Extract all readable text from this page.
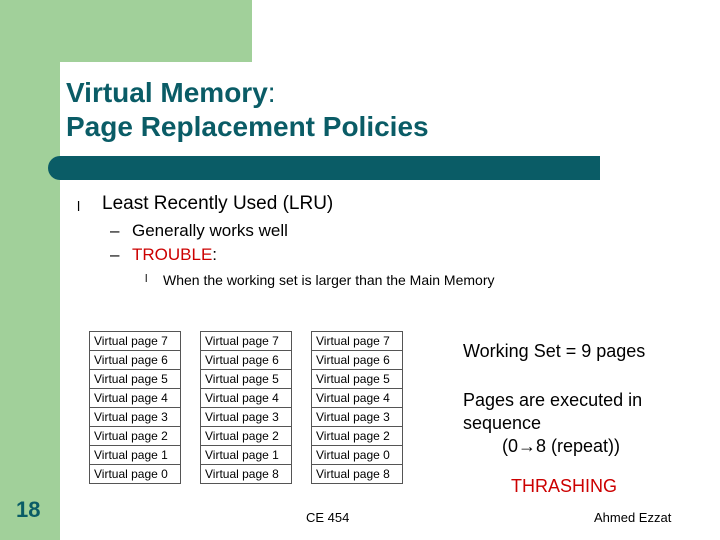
Virtual Memory:
Page Replacement Policies
l Least Recently Used (LRU)
– Generally works well
– TROUBLE:
l When the working set is larger than the Main Memory
Virtual page 7
Virtual page 6
Virtual page 5
Virtual page 4
Virtual page 3
Virtual page 2
Virtual page 1
Virtual page 0
Virtual page 7
Virtual page 6
Virtual page 5
Virtual page 4
Virtual page 3
Virtual page 2
Virtual page 1
Virtual page 8
Virtual page 7
Virtual page 6
Virtual page 5
Virtual page 4
Virtual page 3
Virtual page 2
Virtual page 0
Virtual page 8
Working Set = 9 pages
Pages are executed in
sequence
(0→8 (repeat))
THRASHING
18	CE 454	Ahmed Ezzat
